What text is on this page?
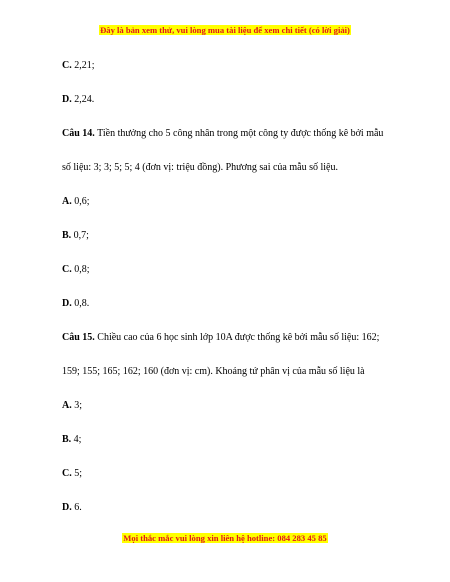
Đây là bản xem thử, vui lòng mua tài liệu để xem chi tiết (có lời giải)
C. 2,21;
D. 2,24.
Câu 14. Tiền thưởng cho 5 công nhân trong một công ty được thống kê bởi mẫu
số liệu: 3; 3; 5; 5; 4 (đơn vị: triệu đồng). Phương sai của mẫu số liệu.
A. 0,6;
B. 0,7;
C. 0,8;
D. 0,8.
Câu 15. Chiều cao của 6 học sinh lớp 10A được thống kê bởi mẫu số liệu: 162;
159; 155; 165; 162; 160 (đơn vị: cm). Khoảng tứ phân vị của mẫu số liệu là
A. 3;
B. 4;
C. 5;
D. 6.
Mọi thắc mắc vui lòng xin liên hệ hotline: 084 283 45 85
